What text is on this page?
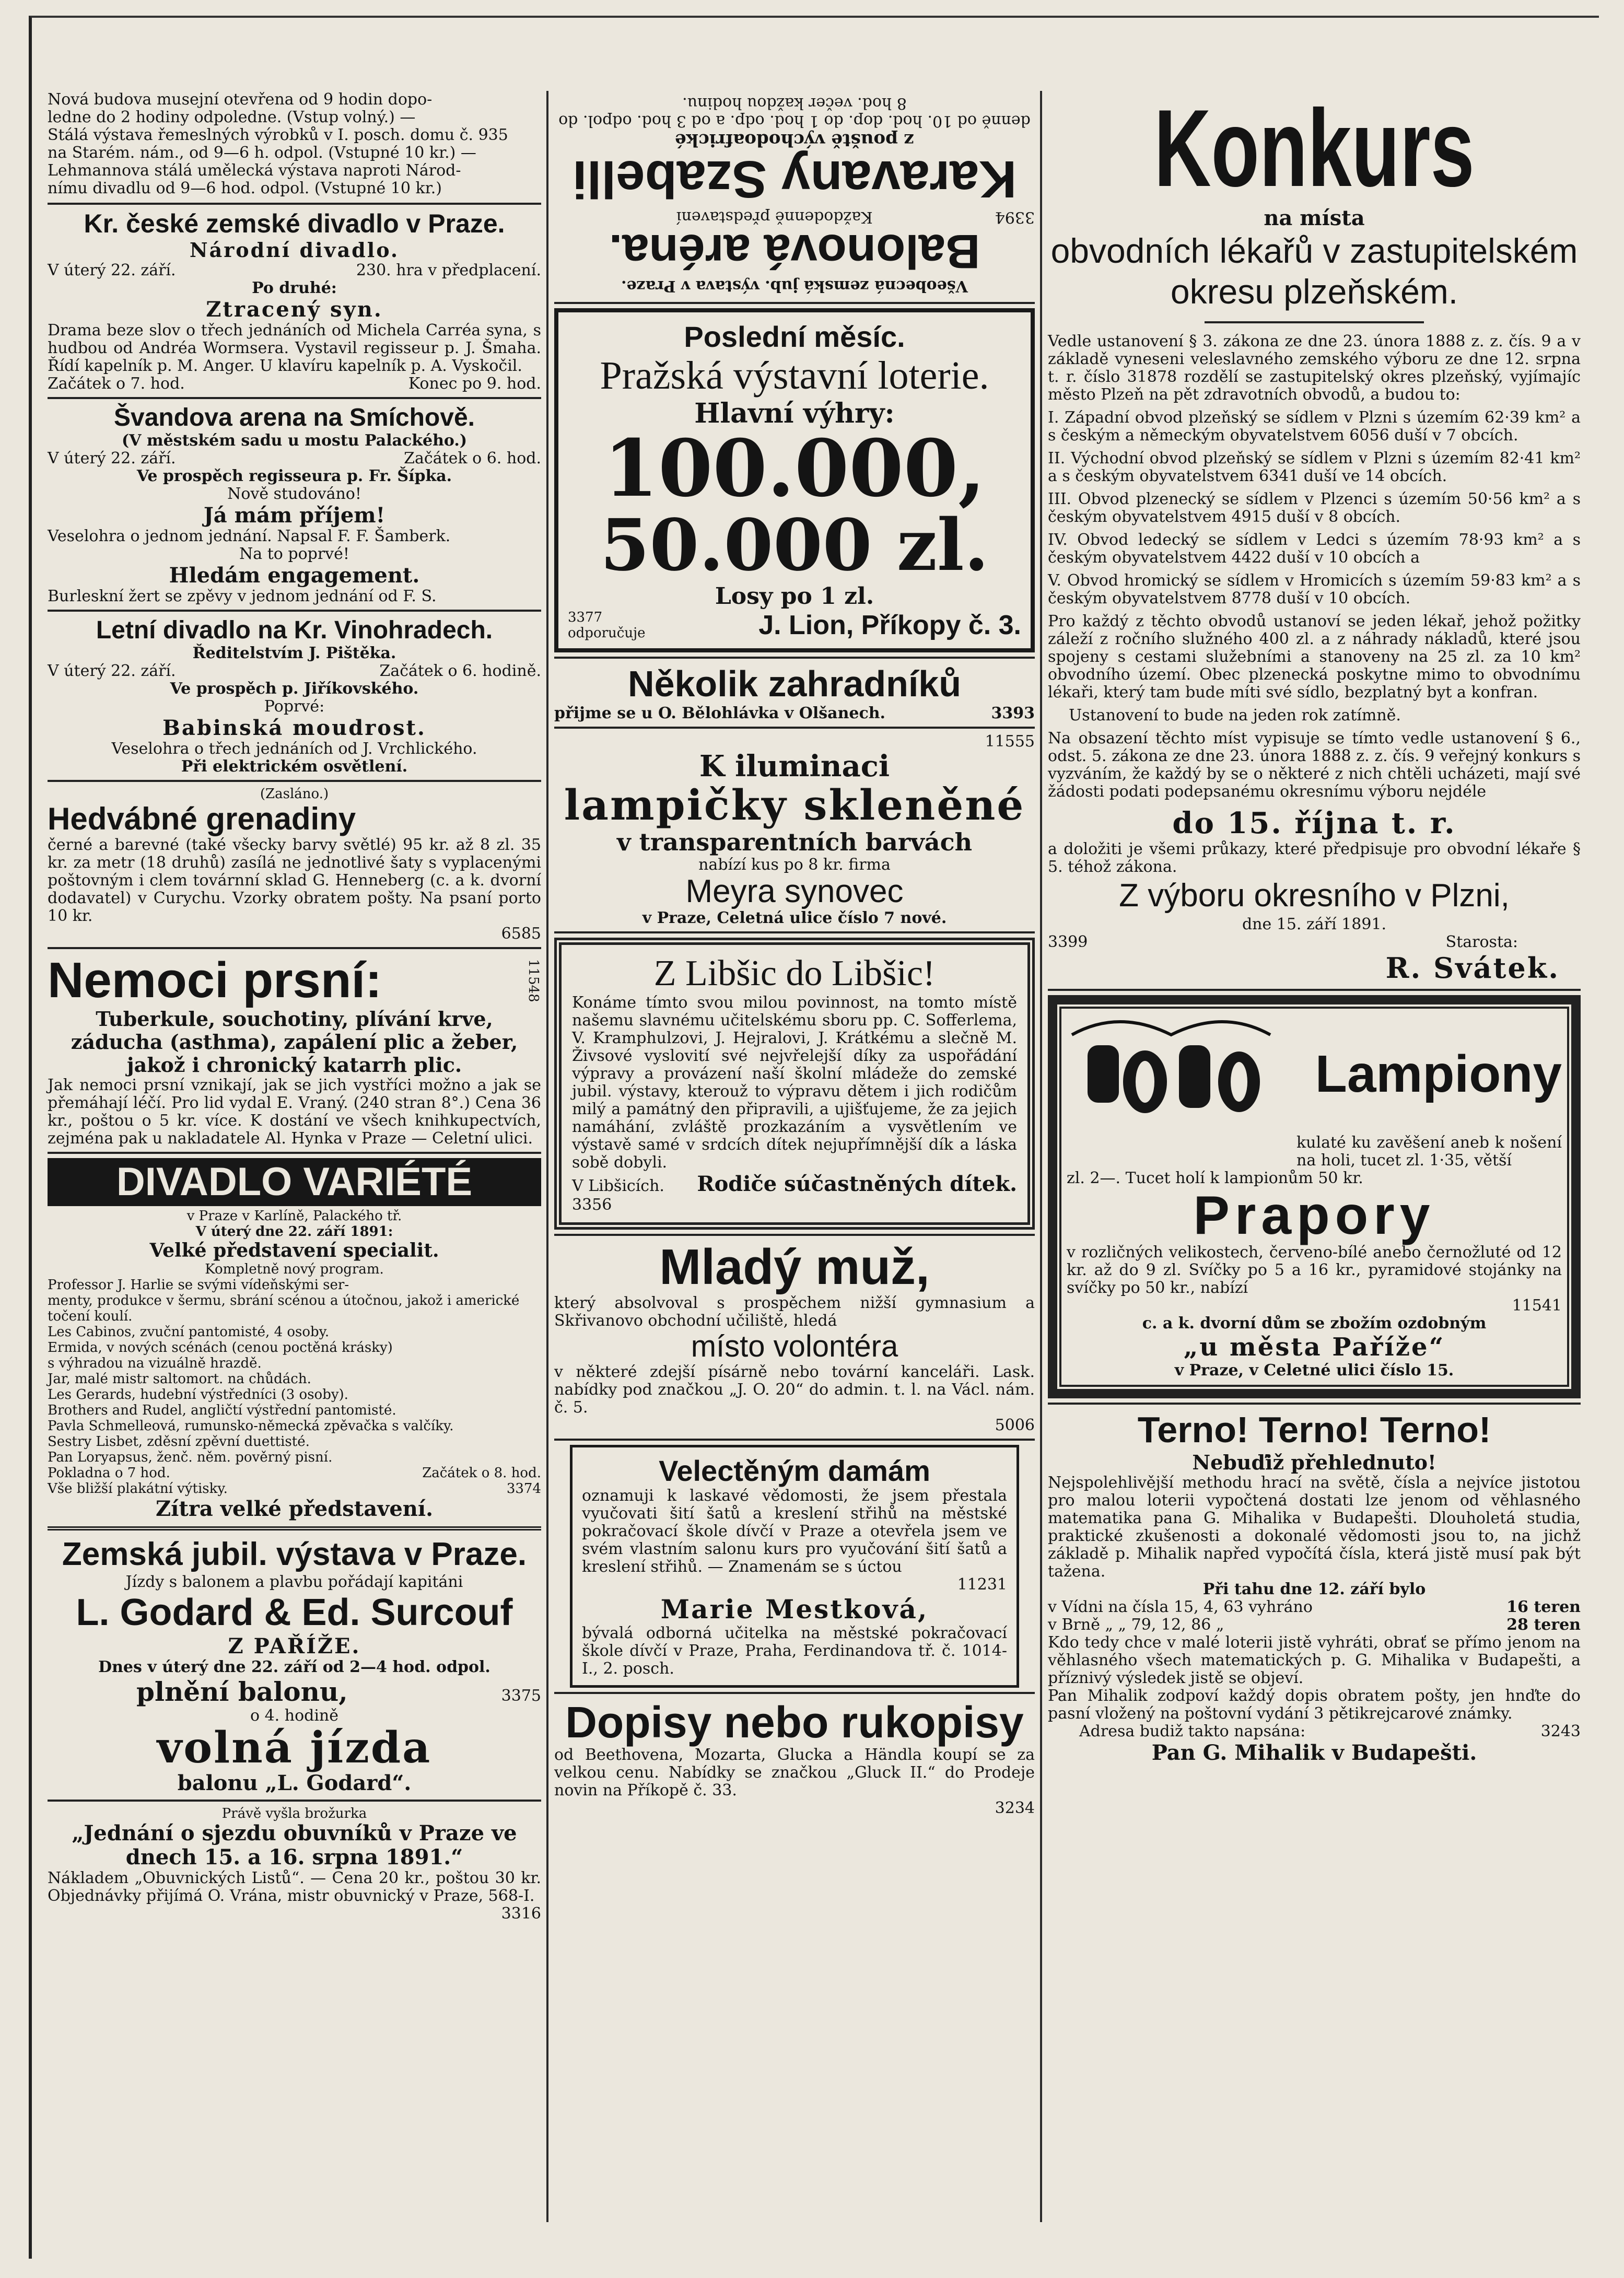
Nová budova musejní otevřena od 9 hodin dopo-

ledne do 2 hodiny odpoledne. (Vstup volný.) —

Stálá výstava řemeslných výrobků v I. posch. domu č. 935

na Starém. nám., od 9—6 h. odpol. (Vstupné 10 kr.) —

Lehmannova stálá umělecká výstava naproti Národ-

nímu divadlu od 9—6 hod. odpol. (Vstupné 10 kr.)

Kr. české zemské divadlo v Praze.

Národní divadlo.

V úterý 22. září.	230. hra v předplacení.

Po druhé:

Ztracený syn.

Drama beze slov o třech jednáních od Michela Carréa syna, s hudbou od Andréa Wormsera. Vystavil regisseur p. J. Šmaha. Řídí kapelník p. M. Anger. U klavíru kapelník p. A. Vyskočil.

Začátek o 7. hod.	Konec po 9. hod.

Švandova arena na Smíchově.

(V městském sadu u mostu Palackého.)

V úterý 22. září.	Začátek o 6. hod.

Ve prospěch regisseura p. Fr. Šípka.

Nově studováno!

Já mám příjem!

Veselohra o jednom jednání. Napsal F. F. Šamberk.

Na to poprvé!

Hledám engagement.

Burleskní žert se zpěvy v jednom jednání od F. S.

Letní divadlo na Kr. Vinohradech.

Ředitelstvím J. Pištěka.

V úterý 22. září.	Začátek o 6. hodině.

Ve prospěch p. Jiříkovského.

Poprvé:

Babinská moudrost.

Veselohra o třech jednáních od J. Vrchlického.

Při elektrickém osvětlení.

(Zasláno.)

Hedvábné grenadiny

černé a barevné (také všecky barvy světlé) 95 kr. až 8 zl. 35 kr. za metr (18 druhů) zasílá ne jednotlivé šaty s vyplacenými poštovným i clem továrnní sklad G. Henneberg (c. a k. dvorní dodavatel) v Curychu. Vzorky obratem pošty. Na psaní porto 10 kr.

6585

Nemoci prsní:	11548

Tuberkule, souchotiny, plívání krve, záducha (asthma), zapálení plic a žeber, jakož i chronický katarrh plic.

Jak nemoci prsní vznikají, jak se jich vystříci možno a jak se přemáhají léčí. Pro lid vydal E. Vraný. (240 stran 8°.) Cena 36 kr., poštou o 5 kr. více. K dostání ve všech knihkupectvích, zejména pak u nakladatele Al. Hynka v Praze — Celetní ulici.

DIVADLO VARIÉTÉ

v Praze v Karlíně, Palackého tř.

V úterý dne 22. září 1891:

Velké představení specialit.

Kompletně nový program.

Professor J. Harlie se svými vídeňskými ser-

menty, produkce v šermu, sbrání scénou a útočnou, jakož i americké točení koulí.

Les Cabinos, zvuční pantomisté, 4 osoby.

Ermida, v nových scénách (cenou poctěná krásky)

s výhradou na vizuálně hrazdě.

Jar, malé mistr saltomort. na chůdách.

Les Gerards, hudební výstředníci (3 osoby).

Brothers and Rudel, angličtí výstřední pantomisté.

Pavla Schmelleová, rumunsko-německá zpěvačka s valčíky.

Sestry Lisbet, zděsní zpěvní duettisté.

Pan Loryapsus, ženč. něm. pověrný pisní.

Pokladna o 7 hod.	Začátek o 8. hod.
Vše bližší plakátní výtisky.	3374

Zítra velké představení.

Zemská jubil. výstava v Praze.

Jízdy s balonem a plavbu pořádají kapitáni

L. Godard & Ed. Surcouf

Z PAŘÍŽE.

Dnes v úterý dne 22. září od 2—4 hod. odpol.

plnění balonu,	3375

o 4. hodině

volná jízda

balonu „L. Godard“.

Právě vyšla brožurka

„Jednání o sjezdu obuvníků v Praze ve dnech 15. a 16. srpna 1891.“

Nákladem „Obuvnických Listů“. — Cena 20 kr., poštou 30 kr. Objednávky přijímá O. Vrána, mistr obuvnický v Praze, 568-I.

3316

Všeobecná zemská jub. výstava v Praze.

Balonová aréna.

3394
Každodenně představení

Karavany Szabelli

z pouště východoafrické

denně od 10. hod. dop. do 1 hod. odp. a od 3 hod. odpol. do 8 hod. večer každou hodinu.

Poslední měsíc.

Pražská výstavní loterie.

Hlavní výhry:

100.000,

50.000 zl.

Losy po 1 zl.

3377

odporučuje	J. Lion, Příkopy č. 3.

Několik zahradníků

přijme se u O. Bělohlávka v Olšanech.	3393

11555

K iluminaci

lampičky skleněné

v transparentních barvách

nabízí kus po 8 kr. firma

Meyra synovec

v Praze, Celetná ulice číslo 7 nové.

Z Libšic do Libšic!

Konáme tímto svou milou povinnost, na tomto místě našemu slavnému učitelskému sboru pp. C. Sofferlema, V. Kramphulzovi, J. Hejralovi, J. Krátkému a slečně M. Živsové vyslovití své nejvřelejší díky za uspořádání výpravy a provázení naší školní mládeže do zemské jubil. výstavy, kterouž to výpravu dětem i jich rodičům milý a památný den připravili, a ujišťujeme, že za jejich namáhání, zvláště prozkazáním a vysvětlením ve výstavě samé v srdcích dítek nejupřímnější dík a láska sobě dobyli.

V Libšicích. Rodiče súčastněných dítek.

3356

Mladý muž,

který absolvoval s prospěchem nižší gymnasium a Skřivanovo obchodní učiliště, hledá

místo volontéra

v některé zdejší písárně nebo tovární kanceláři. Lask. nabídky pod značkou „J. O. 20“ do admin. t. l. na Václ. nám. č. 5.

5006

Velectěným damám

oznamuji k laskavé vědomosti, že jsem přestala vyučovati šití šatů a kreslení střihů na městské pokračovací škole dívčí v Praze a otevřela jsem ve svém vlastním salonu kurs pro vyučování šití šatů a kreslení střihů. — Znamenám se s úctou

11231

Marie Mestková,

bývalá odborná učitelka na městské pokračovací škole dívčí v Praze, Praha, Ferdinandova tř. č. 1014-I., 2. posch.

Dopisy nebo rukopisy

od Beethovena, Mozarta, Glucka a Händla koupí se za velkou cenu. Nabídky se značkou „Gluck II.“ do Prodeje novin na Příkopě č. 33.

3234

Konkurs

na místa

obvodních lékařů v zastupitelském okresu plzeňském.

Vedle ustanovení § 3. zákona ze dne 23. února 1888 z. z. čís. 9 a v základě vyneseni veleslavného zemského výboru ze dne 12. srpna t. r. číslo 31878 rozdělí se zastupitelský okres plzeňský, vyjímajíc město Plzeň na pět zdravotních obvodů, a budou to:

I. Západní obvod plzeňský se sídlem v Plzni s územím 62·39 km² a s českým a německým obyvatelstvem 6056 duší v 7 obcích.

II. Východní obvod plzeňský se sídlem v Plzni s územím 82·41 km² a s českým obyvatelstvem 6341 duší ve 14 obcích.

III. Obvod plzenecký se sídlem v Plzenci s územím 50·56 km² a s českým obyvatelstvem 4915 duší v 8 obcích.

IV. Obvod ledecký se sídlem v Ledci s územím 78·93 km² a s českým obyvatelstvem 4422 duší v 10 obcích a

V. Obvod hromický se sídlem v Hromicích s územím 59·83 km² a s českým obyvatelstvem 8778 duší v 10 obcích.

Pro každý z těchto obvodů ustanoví se jeden lékař, jehož požitky záleží z ročního služného 400 zl. a z náhrady nákladů, které jsou spojeny s cestami služebními a stanoveny na 25 zl. za 10 km² obvodního území. Obec plzenecká poskytne mimo to obvodnímu lékaři, který tam bude míti své sídlo, bezplatný byt a konfran.

Ustanovení to bude na jeden rok zatímně.

Na obsazení těchto míst vypisuje se tímto vedle ustanovení § 6., odst. 5. zákona ze dne 23. února 1888 z. z. čís. 9 veřejný konkurs s vyzváním, že každý by se o některé z nich chtěli ucházeti, mají své žádosti podati podepsanému okresnímu výboru nejdéle

do 15. října t. r.

a doložiti je všemi průkazy, které předpisuje pro obvodní lékaře § 5. téhož zákona.

Z výboru okresního v Plzni,

dne 15. září 1891.

3399	Starosta:

R. Svátek.

Lampiony

kulaté ku zavěšení aneb k nošení na holi, tucet zl. 1·35, větší

zl. 2—. Tucet holí k lampionům 50 kr.

Prapory

v rozličných velikostech, červeno-bílé anebo černožluté od 12 kr. až do 9 zl. Svíčky po 5 a 16 kr., pyramidové stojánky na svíčky po 50 kr., nabízí

11541

c. a k. dvorní dům se zbožím ozdobným

„u města Paříže“

v Praze, v Celetné ulici číslo 15.

Terno! Terno! Terno!

Nebuďiž přehlednuto!

Nejspolehlivější methodu hrací na světě, čísla a nejvíce jistotou pro malou loterii vypočtená dostati lze jenom od věhlasného matematika pana G. Mihalika v Budapešti. Dlouholetá studia, praktické zkušenosti a dokonalé vědomosti jsou to, na jichž základě p. Mihalik napřed vypočítá čísla, která jistě musí pak být tažena.

Při tahu dne 12. září bylo

v Vídni na čísla 15, 4, 63 vyhráno	16 teren
v Brně „ „ 79, 12, 86 „	28 teren

Kdo tedy chce v malé loterii jistě vyhráti, obrať se přímo jenom na věhlasného všech matematických p. G. Mihalika v Budapešti, a příznivý výsledek jistě se objeví.

Pan Mihalik zodpoví každý dopis obratem pošty, jen hnďte do pasní vložený na poštovní vydání 3 pětikrejcarové známky.

Adresa budiž takto napsána:	3243

Pan G. Mihalik v Budapešti.
